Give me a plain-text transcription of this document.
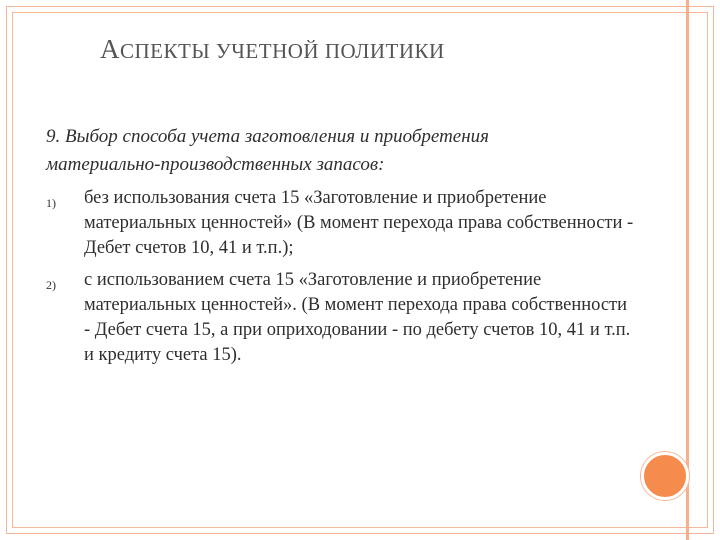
АСПЕКТЫ УЧЕТНОЙ ПОЛИТИКИ
9. Выбор способа учета заготовления и приобретения
материально-производственных запасов:
1) без использования счета 15 «Заготовление и приобретение материальных ценностей» (В момент перехода права собственности - Дебет счетов 10, 41 и т.п.);
2) с использованием счета 15 «Заготовление и приобретение материальных ценностей». (В момент перехода права собственности - Дебет счета 15, а при оприходовании - по дебету счетов 10, 41 и т.п. и кредиту счета 15).
